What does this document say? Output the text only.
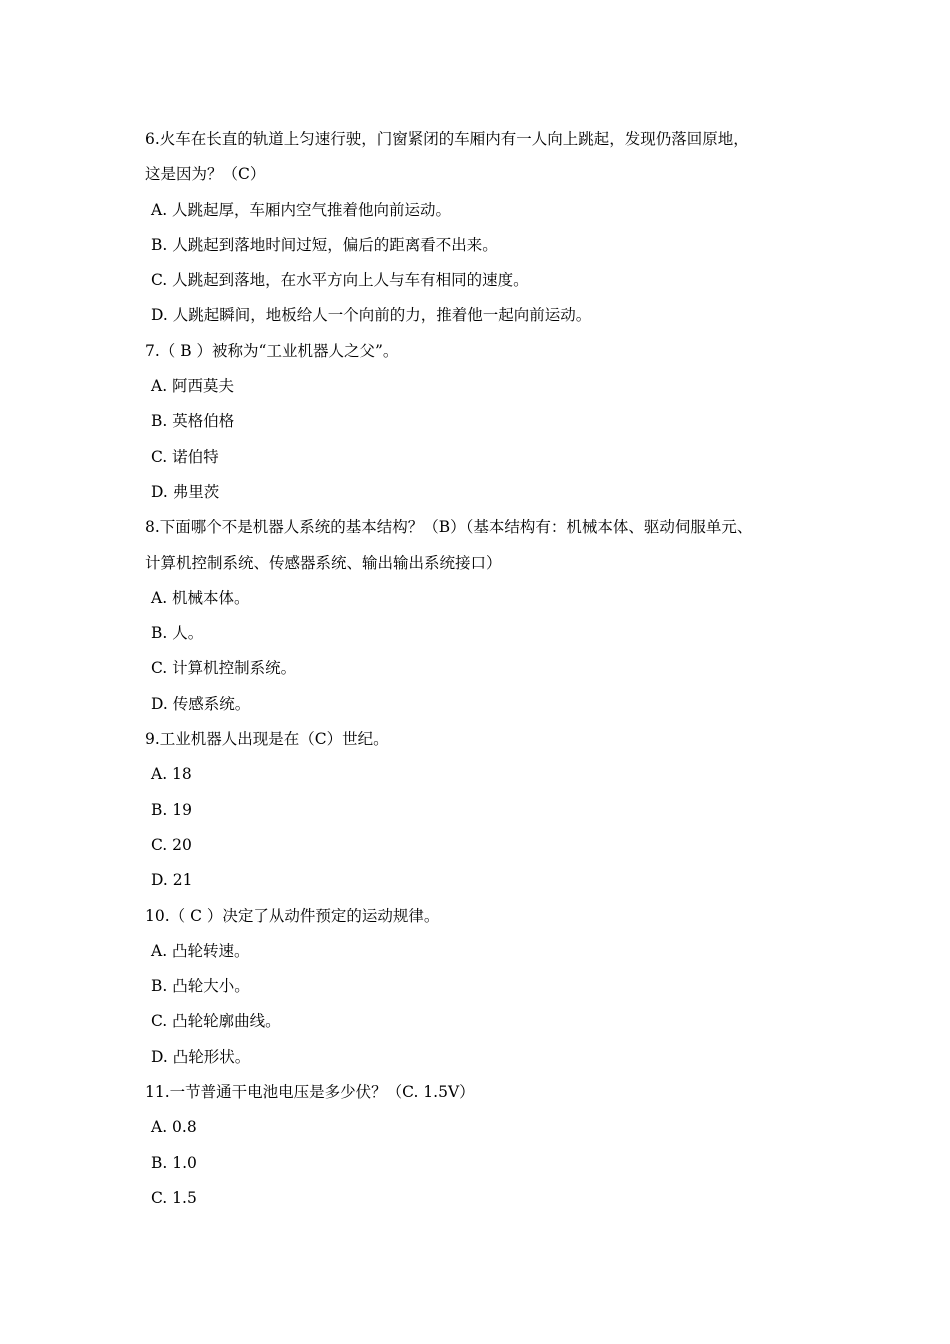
6.火车在长直的轨道上匀速行驶，门窗紧闭的车厢内有一人向上跳起，发现仍落回原地，
这是因为？（C）
A. 人跳起厚，车厢内空气推着他向前运动。
B. 人跳起到落地时间过短，偏后的距离看不出来。
C. 人跳起到落地，在水平方向上人与车有相同的速度。
D. 人跳起瞬间，地板给人一个向前的力，推着他一起向前运动。
7.（ B ）被称为“工业机器人之父”。
A. 阿西莫夫
B. 英格伯格
C. 诺伯特
D. 弗里茨
8.下面哪个不是机器人系统的基本结构？（B）（基本结构有：机械本体、驱动伺服单元、
计算机控制系统、传感器系统、输出输出系统接口）
A. 机械本体。
B. 人。
C. 计算机控制系统。
D. 传感系统。
9.工业机器人出现是在（C）世纪。
A. 18
B. 19
C. 20
D. 21
10.（ C ）决定了从动件预定的运动规律。
A. 凸轮转速。
B. 凸轮大小。
C. 凸轮轮廓曲线。
D. 凸轮形状。
11.一节普通干电池电压是多少伏？（C. 1.5V）
A. 0.8
B. 1.0
C. 1.5
